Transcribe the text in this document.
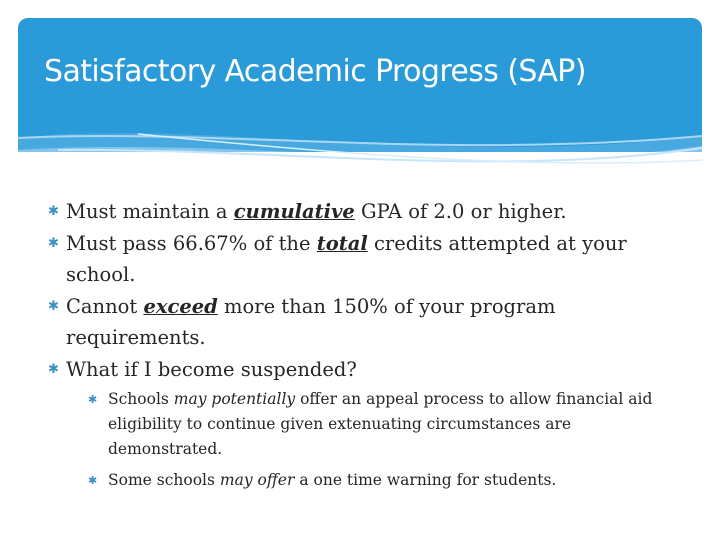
Satisfactory Academic Progress (SAP)
✱ Must maintain a cumulative GPA of 2.0 or higher.
✱ Must pass 66.67% of the total credits attempted at your school.
✱ Cannot exceed more than 150% of your program requirements.
✱ What if I become suspended?
✱ Schools may potentially offer an appeal process to allow financial aid eligibility to continue given extenuating circumstances are demonstrated.
✱ Some schools may offer a one time warning for students.
